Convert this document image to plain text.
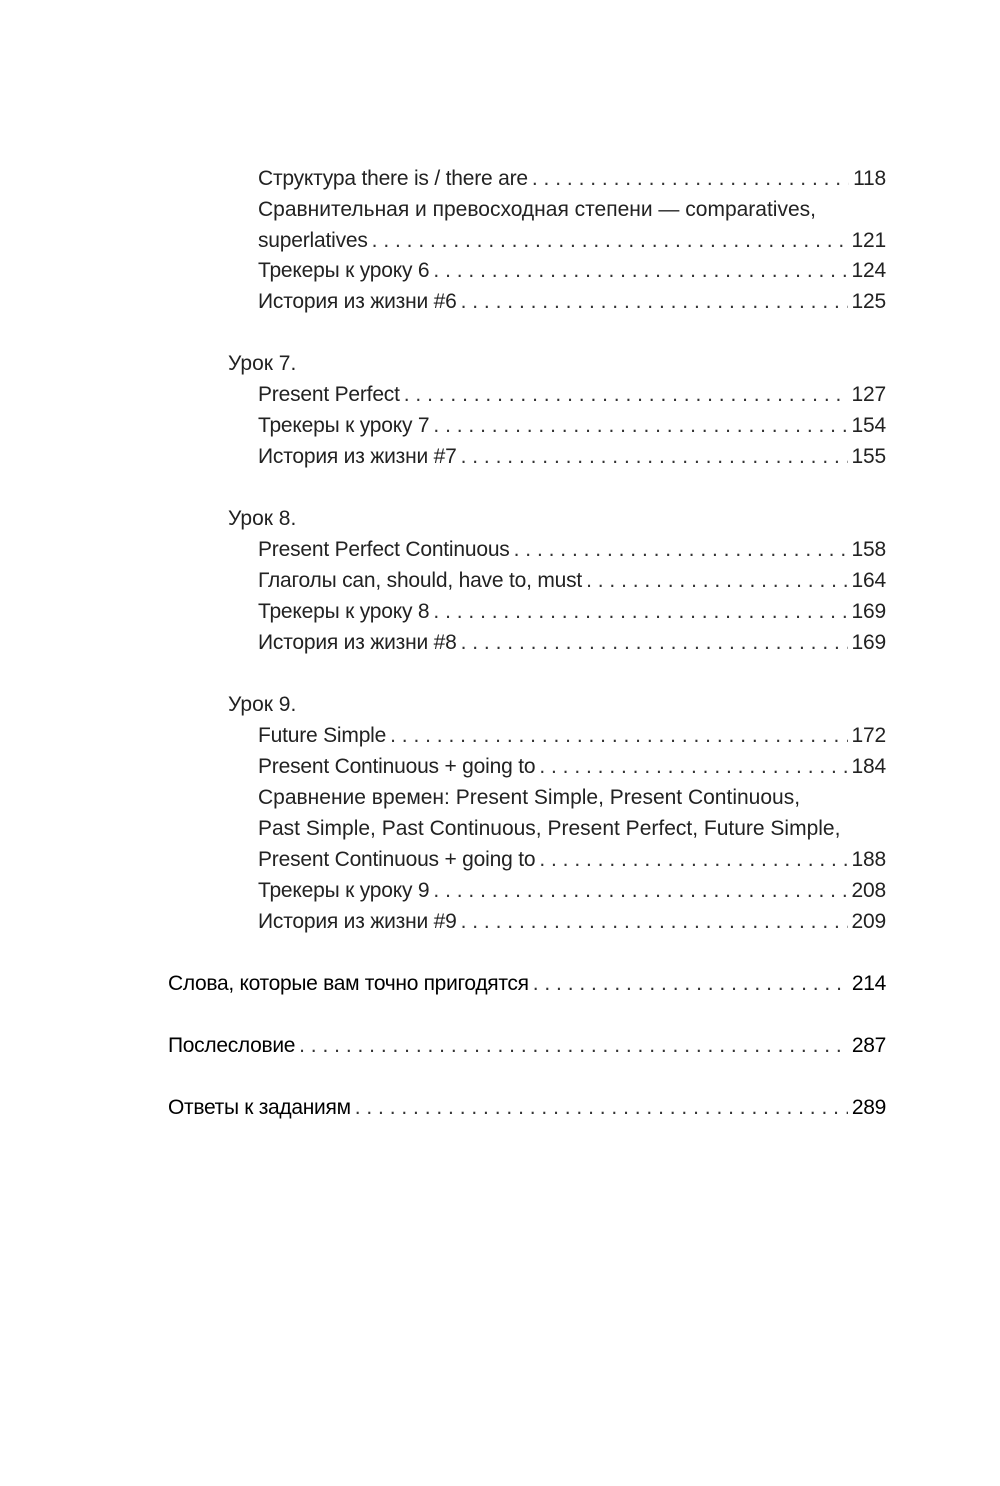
Структура there is / there are . . .	118
Сравнительная и превосходная степени — comparatives,
superlatives . . .	121
Трекеры к уроку 6 . . .	124
История из жизни #6 . . .	125
Урок 7.
Present Perfect . . .	127
Трекеры к уроку 7 . . .	154
История из жизни #7 . . .	155
Урок 8.
Present Perfect Continuous . . .	158
Глаголы can, should, have to, must . . .	164
Трекеры к уроку 8 . . .	169
История из жизни #8 . . .	169
Урок 9.
Future Simple . . .	172
Present Continuous + going to . . .	184
Сравнение времен: Present Simple, Present Continuous,
Past Simple, Past Continuous, Present Perfect, Future Simple,
Present Continuous + going to . . .	188
Трекеры к уроку 9 . . .	208
История из жизни #9 . . .	209
Слова, которые вам точно пригодятся . . .	214
Послесловие . . .	287
Ответы к заданиям . . .	289
